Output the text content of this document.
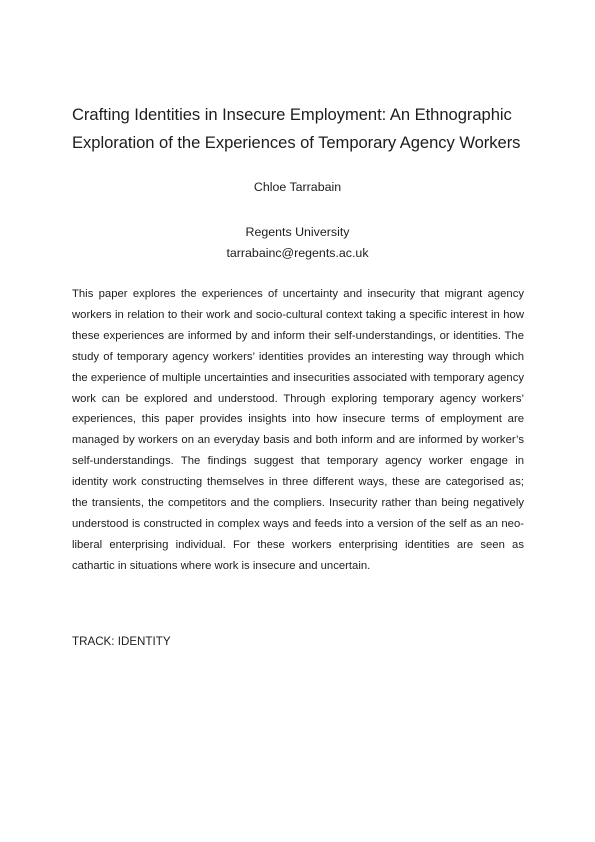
Crafting Identities in Insecure Employment: An Ethnographic
Exploration of the Experiences of Temporary Agency Workers
Chloe Tarrabain
Regents University
tarrabainc@regents.ac.uk

This paper explores the experiences of uncertainty and insecurity that migrant agency workers in relation to their work and socio-cultural context taking a specific interest in how these experiences are informed by and inform their self-understandings, or identities. The study of temporary agency workers’ identities provides an interesting way through which the experience of multiple uncertainties and insecurities associated with temporary agency work can be explored and understood. Through exploring temporary agency workers’ experiences, this paper provides insights into how insecure terms of employment are managed by workers on an everyday basis and both inform and are informed by worker’s self-understandings. The findings suggest that temporary agency worker engage in identity work constructing themselves in three different ways, these are categorised as; the transients, the competitors and the compliers. Insecurity rather than being negatively understood is constructed in complex ways and feeds into a version of the self as an neo-liberal enterprising individual. For these workers enterprising identities are seen as cathartic in situations where work is insecure and uncertain.

TRACK: IDENTITY
